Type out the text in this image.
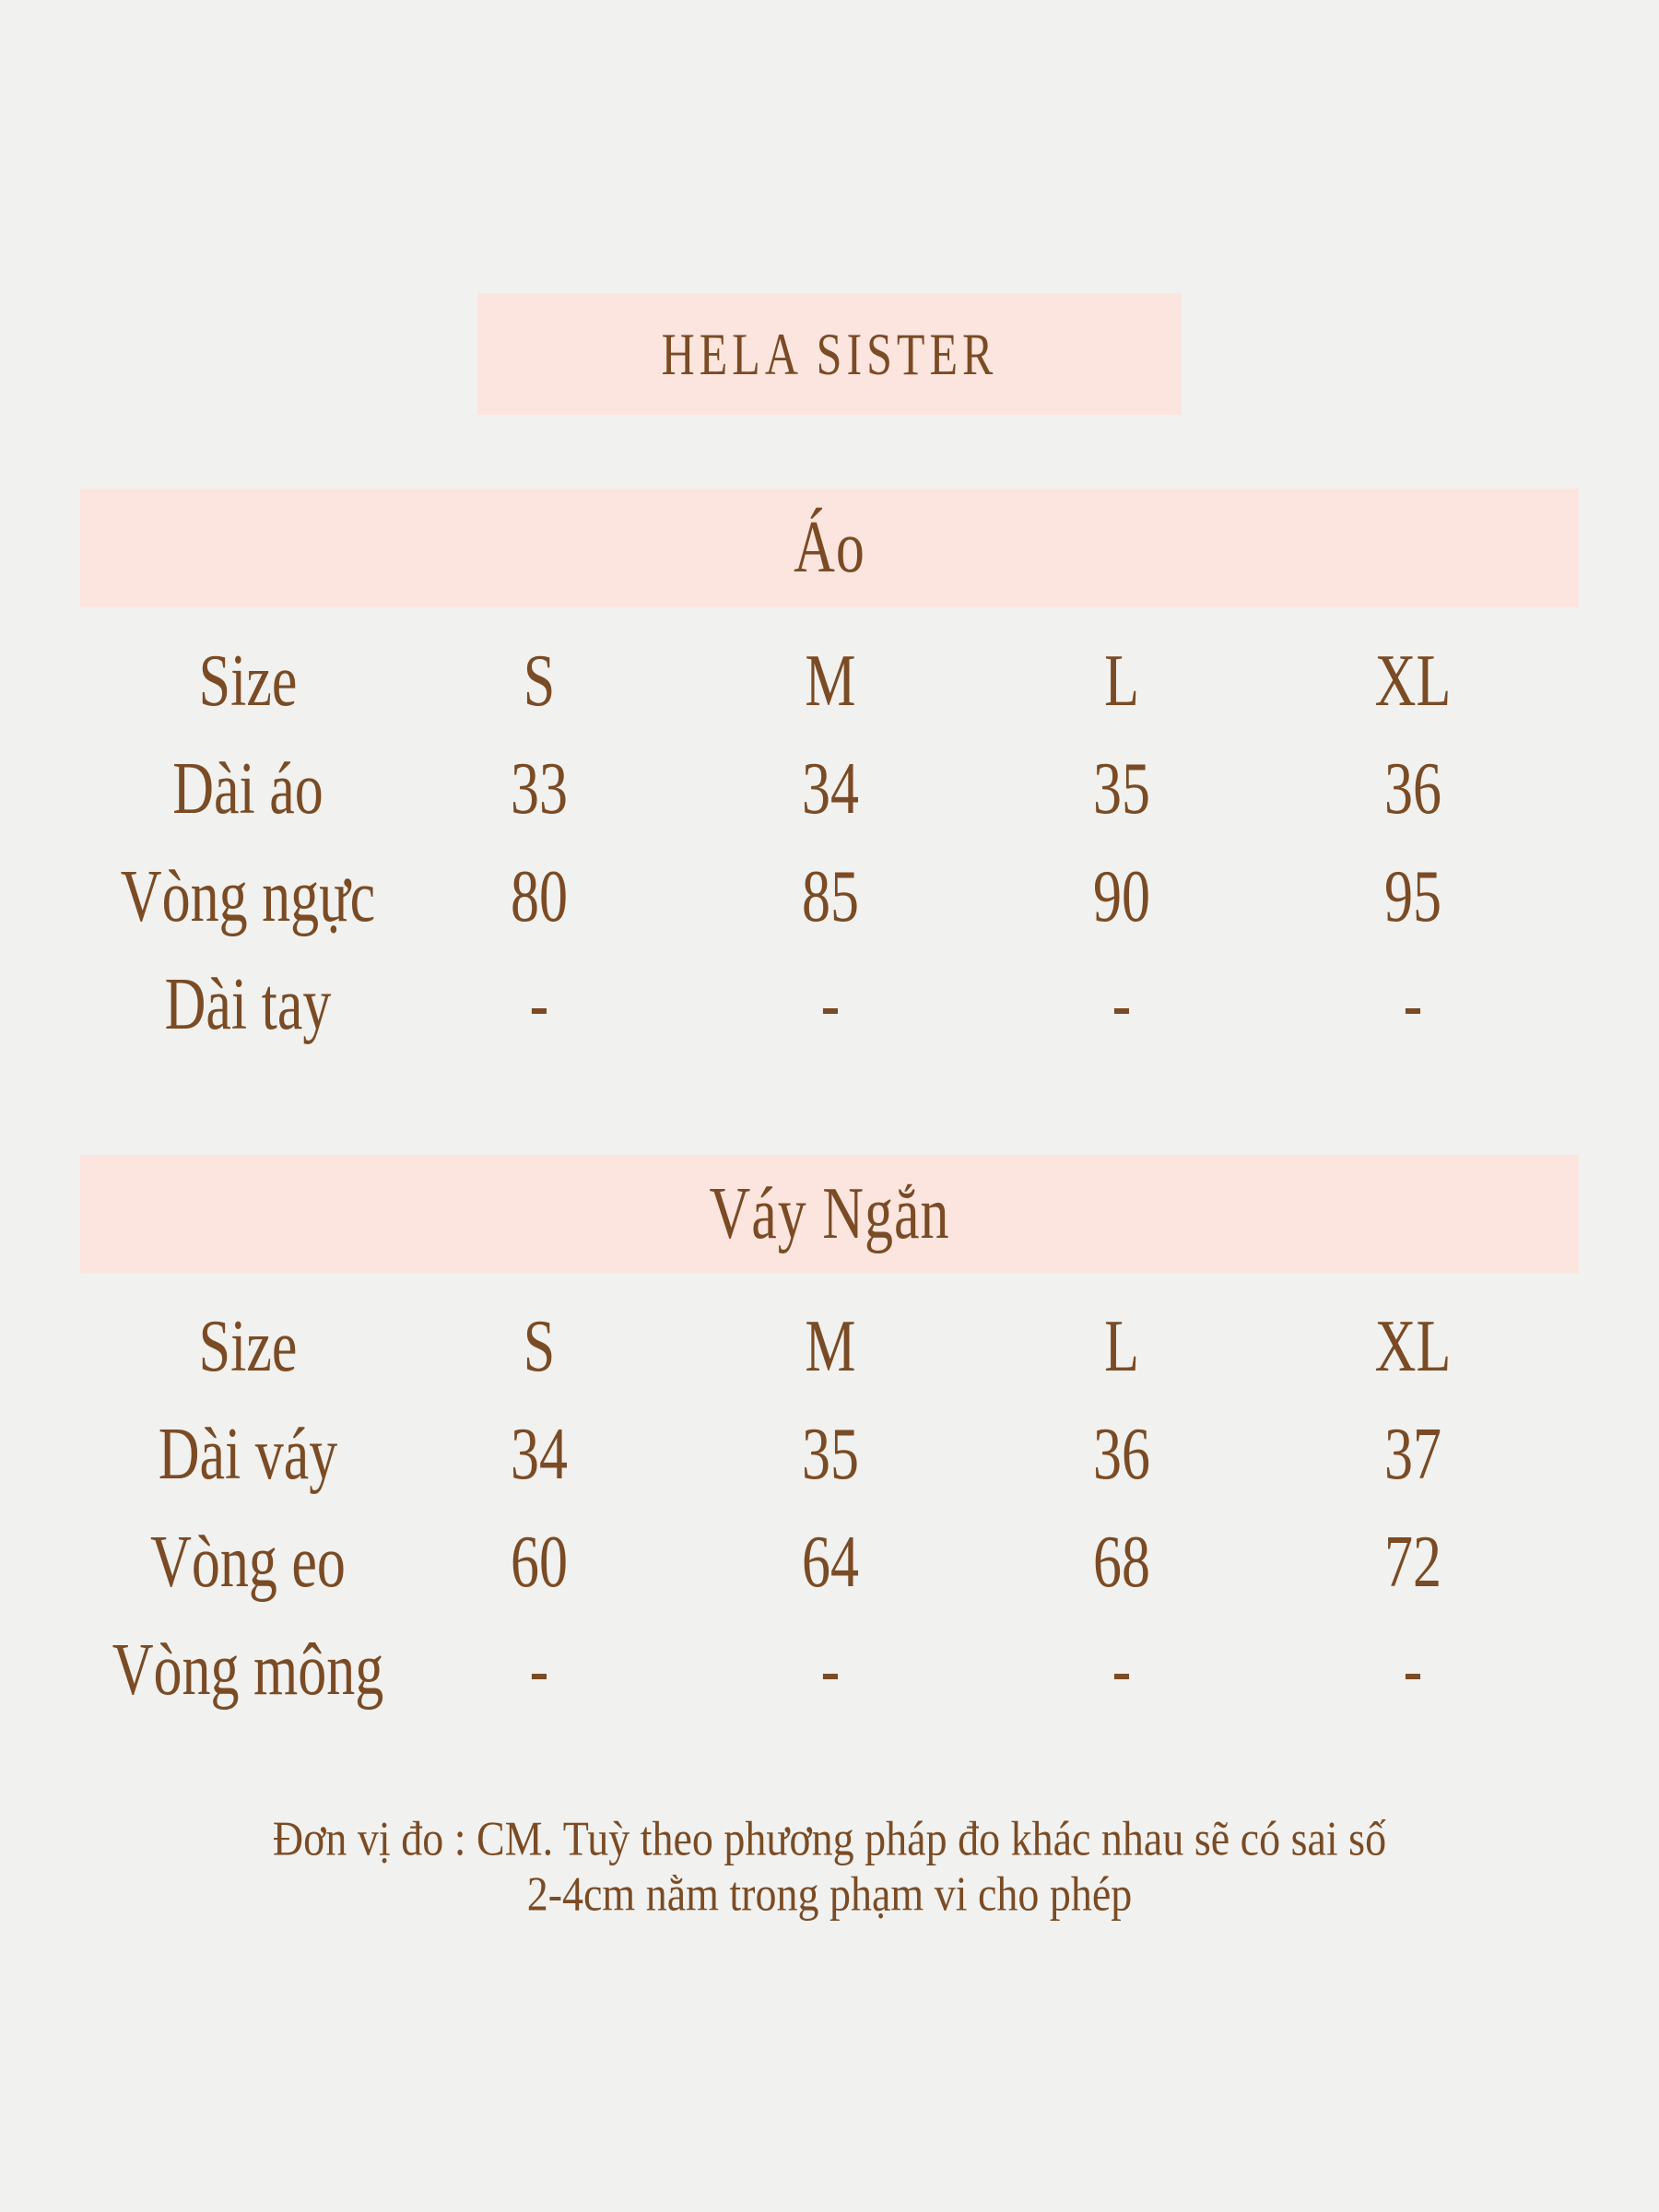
HELA SISTER
Áo
Size	S	M	L	XL
Dài áo	33	34	35	36
Vòng ngực 80	85	90	95
Dài tay	-	-	-	-
Váy Ngắn
Size	S	M	L	XL
Dài váy	34	35	36	37
Vòng eo	60	64	68	72
Vòng mông	-	-	-	-
Đơn vị đo : CM. Tuỳ theo phương pháp đo khác nhau sẽ có sai số
2-4cm nằm trong phạm vi cho phép
